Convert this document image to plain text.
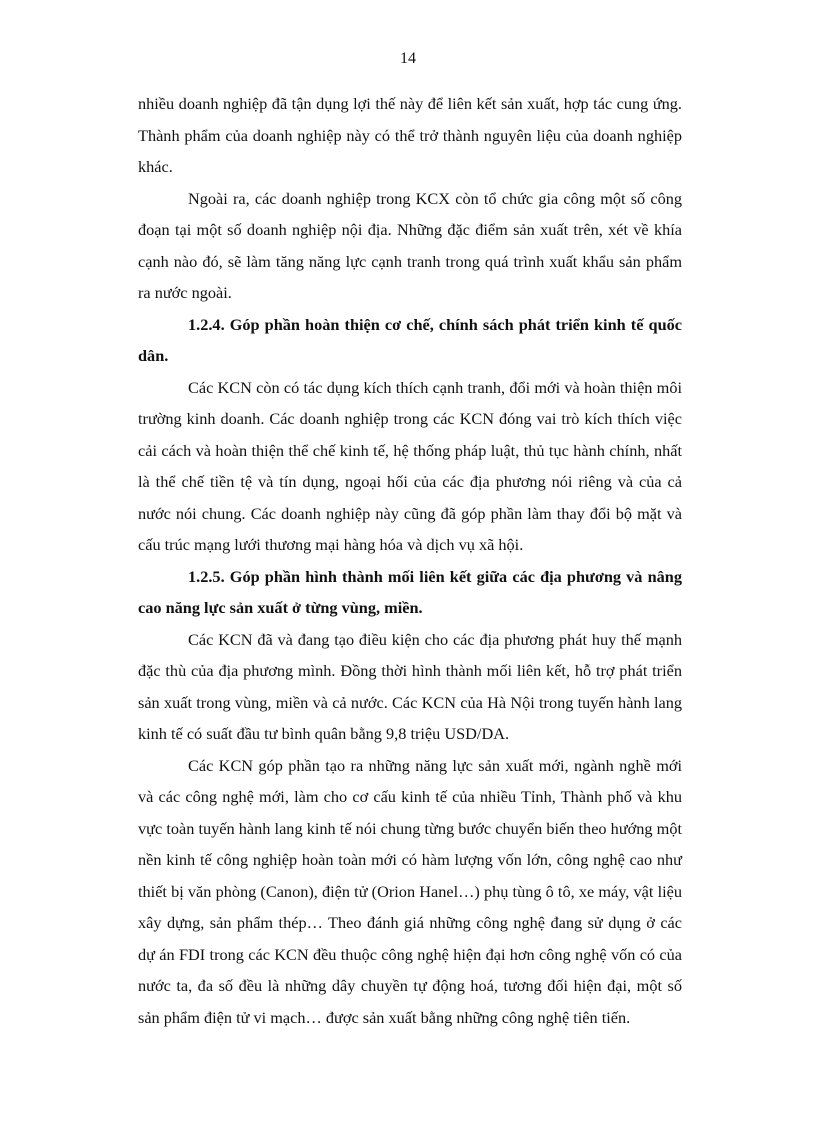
14

nhiều doanh nghiệp đã tận dụng lợi thế này để liên kết sản xuất, hợp tác cung ứng. Thành phẩm của doanh nghiệp này có thể trở thành nguyên liệu của doanh nghiệp khác.

Ngoài ra, các doanh nghiệp trong KCX còn tổ chức gia công một số công đoạn tại một số doanh nghiệp nội địa. Những đặc điểm sản xuất trên, xét về khía cạnh nào đó, sẽ làm tăng năng lực cạnh tranh trong quá trình xuất khẩu sản phẩm ra nước ngoài.

1.2.4. Góp phần hoàn thiện cơ chế, chính sách phát triển kinh tế quốc dân.

Các KCN còn có tác dụng kích thích cạnh tranh, đổi mới và hoàn thiện môi trường kinh doanh. Các doanh nghiệp trong các KCN đóng vai trò kích thích việc cải cách và hoàn thiện thể chế kinh tế, hệ thống pháp luật, thủ tục hành chính, nhất là thể chế tiền tệ và tín dụng, ngoại hối của các địa phương nói riêng và của cả nước nói chung. Các doanh nghiệp này cũng đã góp phần làm thay đổi bộ mặt và cấu trúc mạng lưới thương mại hàng hóa và dịch vụ xã hội.

1.2.5. Góp phần hình thành mối liên kết giữa các địa phương và nâng cao năng lực sản xuất ở từng vùng, miền.

Các KCN đã và đang tạo điều kiện cho các địa phương phát huy thế mạnh đặc thù của địa phương mình. Đồng thời hình thành mối liên kết, hỗ trợ phát triển sản xuất trong vùng, miền và cả nước. Các KCN của Hà Nội trong tuyến hành lang kinh tế có suất đầu tư bình quân bằng 9,8 triệu USD/DA.

Các KCN góp phần tạo ra những năng lực sản xuất mới, ngành nghề mới và các công nghệ mới, làm cho cơ cấu kinh tế của nhiều Tỉnh, Thành phố và khu vực toàn tuyến hành lang kinh tế nói chung từng bước chuyển biến theo hướng một nền kinh tế công nghiệp hoàn toàn mới có hàm lượng vốn lớn, công nghệ cao như thiết bị văn phòng (Canon), điện tử (Orion Hanel…) phụ tùng ô tô, xe máy, vật liệu xây dựng, sản phẩm thép… Theo đánh giá những công nghệ đang sử dụng ở các dự án FDI trong các KCN đều thuộc công nghệ hiện đại hơn công nghệ vốn có của nước ta, đa số đều là những dây chuyền tự động hoá, tương đối hiện đại, một số sản phẩm điện tử vi mạch… được sản xuất bằng những công nghệ tiên tiến.
